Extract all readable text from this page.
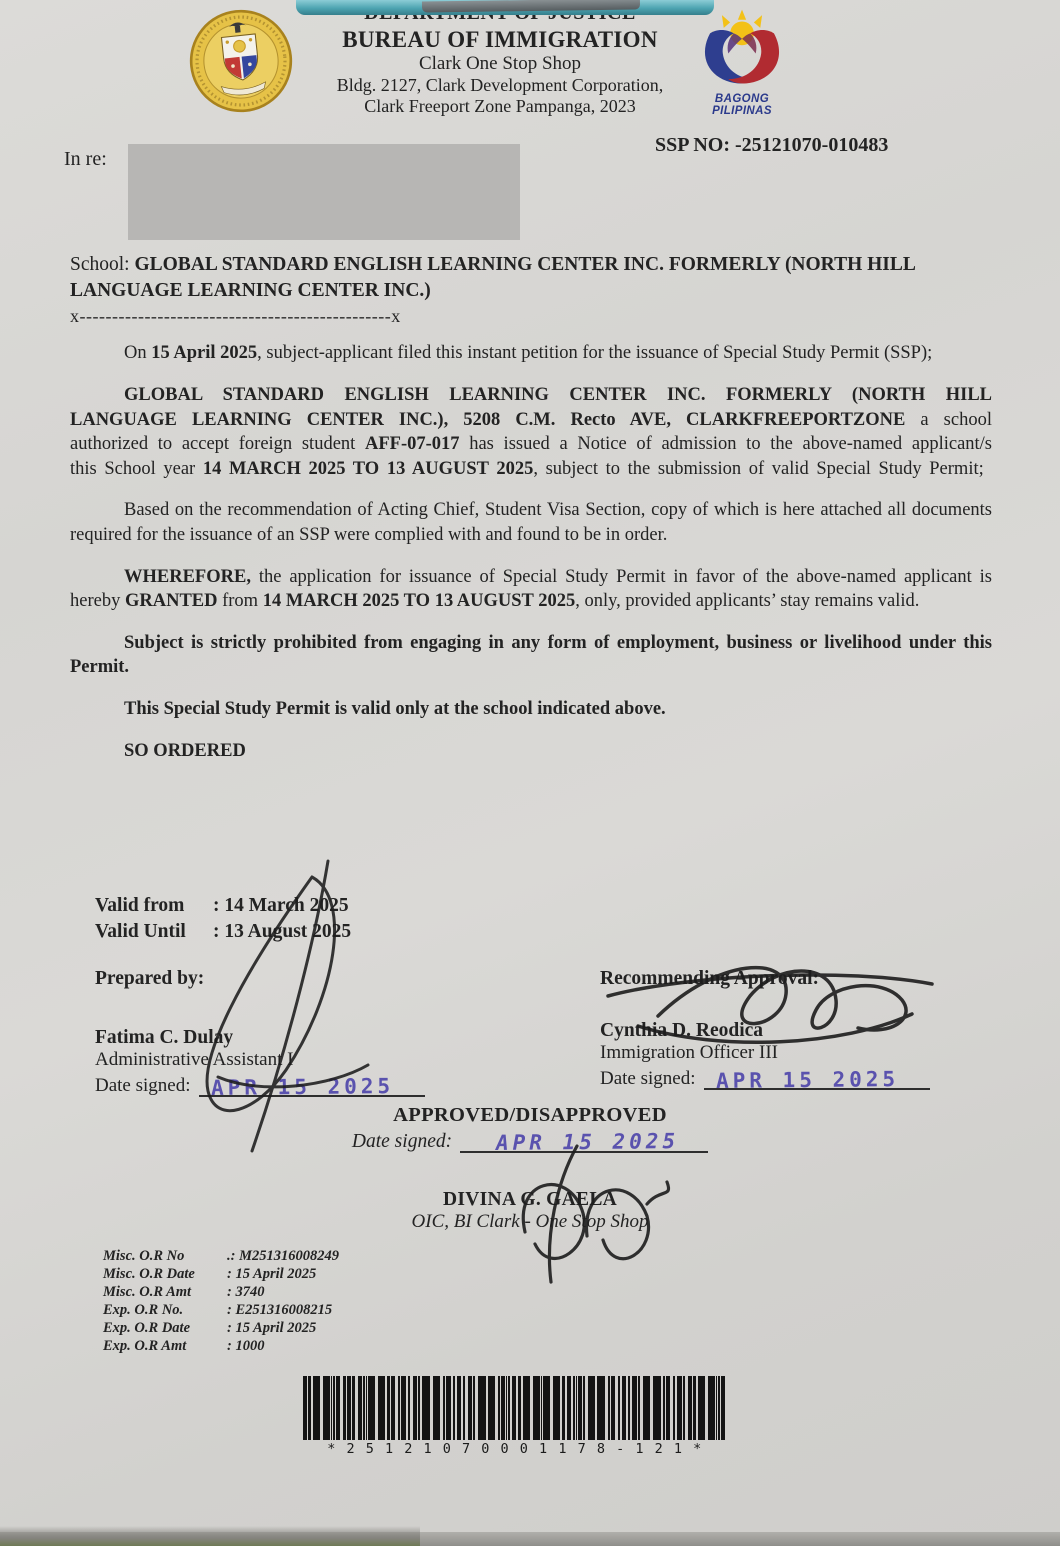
BUREAU OF IMMIGRATION
Clark One Stop Shop
Bldg. 2127, Clark Development Corporation,
Clark Freeport Zone Pampanga, 2023	BAGONG PILIPINAS
SSP NO: -25121070-010483
In re:
School: GLOBAL STANDARD ENGLISH LEARNING CENTER INC. FORMERLY (NORTH HILL LANGUAGE LEARNING CENTER INC.)
x------------------------------------------------x
On 15 April 2025, subject-applicant filed this instant petition for the issuance of Special Study Permit (SSP);
GLOBAL STANDARD ENGLISH LEARNING CENTER INC. FORMERLY (NORTH HILL LANGUAGE LEARNING CENTER INC.), 5208 C.M. Recto AVE, CLARKFREEPORTZONE a school authorized to accept foreign student AFF-07-017 has issued a Notice of admission to the above-named applicant/s this School year 14 MARCH 2025 TO 13 AUGUST 2025, subject to the submission of valid Special Study Permit;
Based on the recommendation of Acting Chief, Student Visa Section, copy of which is here attached all documents required for the issuance of an SSP were complied with and found to be in order.
WHEREFORE, the application for issuance of Special Study Permit in favor of the above-named applicant is hereby GRANTED from 14 MARCH 2025 TO 13 AUGUST 2025, only, provided applicants’ stay remains valid.
Subject is strictly prohibited from engaging in any form of employment, business or livelihood under this Permit.
This Special Study Permit is valid only at the school indicated above.
SO ORDERED
Valid from	: 14 March 2025
Valid Until	: 13 August 2025
Prepared by:
Fatima C. Dulay
Administrative Assistant I
Date signed: APR 15 2025
Recommending Approval:
Cynthia D. Reodica
Immigration Officer III
Date signed: APR 15 2025
APPROVED/DISAPPROVED
Date signed:	APR 15 2025
DIVINA G. GAELA
OIC, BI Clark - One Stop Shop
Misc. O.R No	.: M251316008249
Misc. O.R Date	: 15 April 2025
Misc. O.R Amt	: 3740
Exp. O.R No.	: E251316008215
Exp. O.R Date	: 15 April 2025
Exp. O.R Amt	: 1000
* 2 5 1 2 1 0 7 0 0 0 1 1 7 8 - 1 2 1 *
